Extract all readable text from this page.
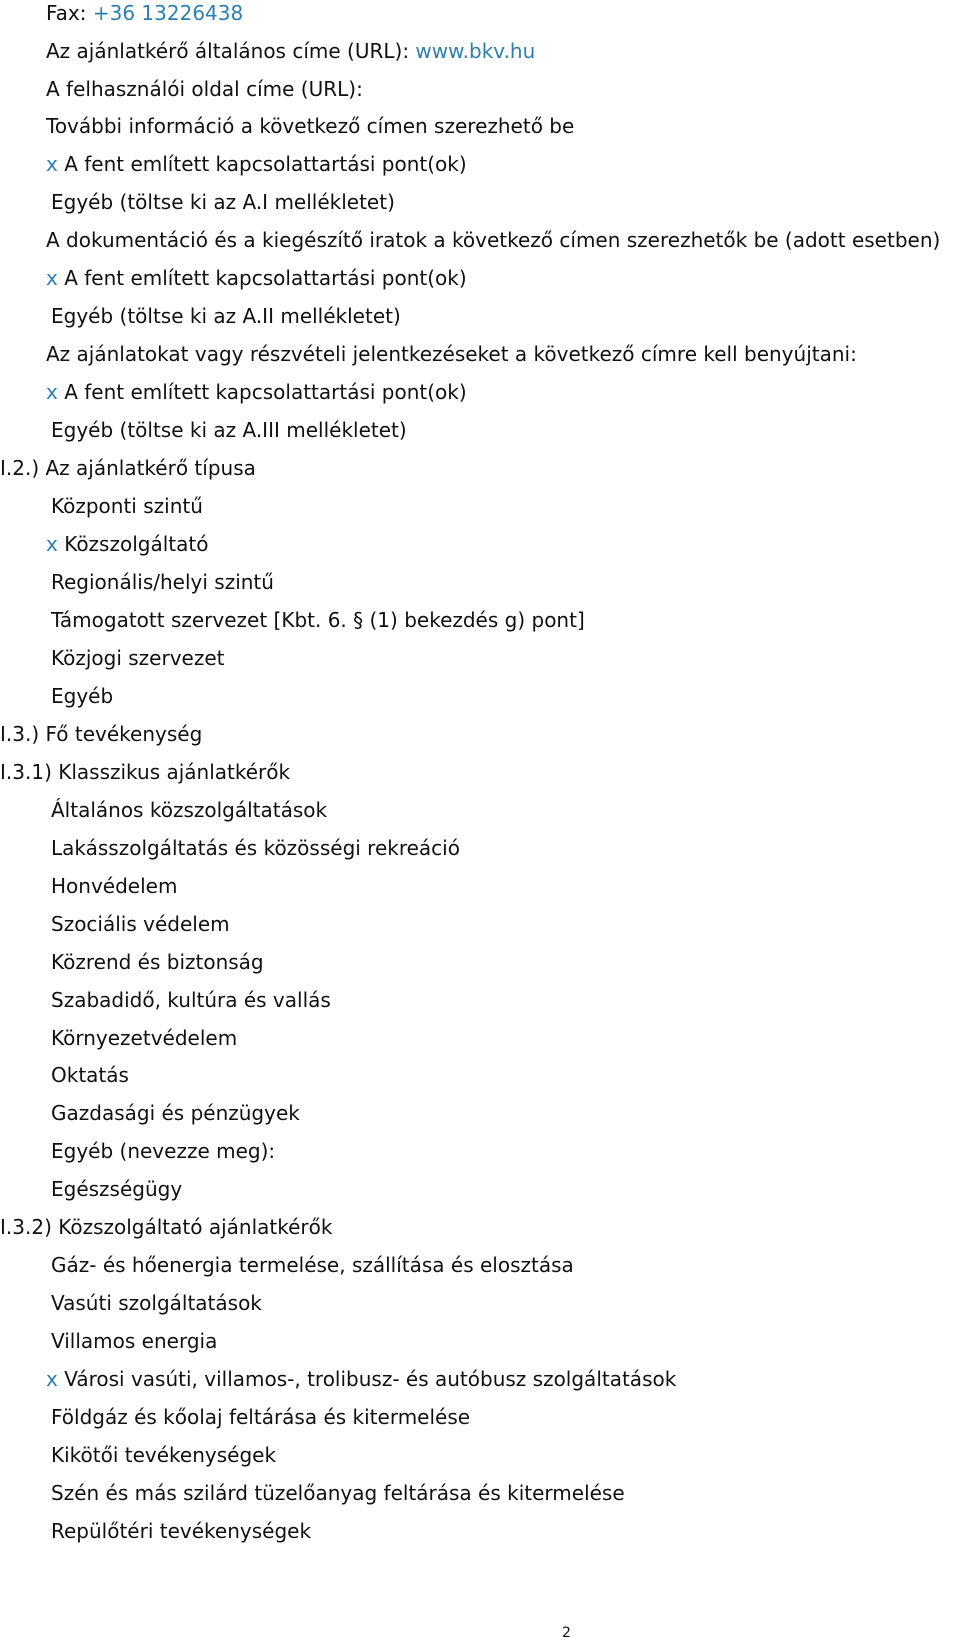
Fax: +36 13226438
Az ajánlatkérő általános címe (URL): www.bkv.hu
A felhasználói oldal címe (URL):
További információ a következő címen szerezhető be
x A fent említett kapcsolattartási pont(ok)
Egyéb (töltse ki az A.I mellékletet)
A dokumentáció és a kiegészítő iratok a következő címen szerezhetők be (adott esetben)
x A fent említett kapcsolattartási pont(ok)
Egyéb (töltse ki az A.II mellékletet)
Az ajánlatokat vagy részvételi jelentkezéseket a következő címre kell benyújtani:
x A fent említett kapcsolattartási pont(ok)
Egyéb (töltse ki az A.III mellékletet)
I.2.) Az ajánlatkérő típusa
Központi szintű
x Közszolgáltató
Regionális/helyi szintű
Támogatott szervezet [Kbt. 6. § (1) bekezdés g) pont]
Közjogi szervezet
Egyéb
I.3.) Fő tevékenység
I.3.1) Klasszikus ajánlatkérők
Általános közszolgáltatások
Lakásszolgáltatás és közösségi rekreáció
Honvédelem
Szociális védelem
Közrend és biztonság
Szabadidő, kultúra és vallás
Környezetvédelem
Oktatás
Gazdasági és pénzügyek
Egyéb (nevezze meg):
Egészségügy
I.3.2) Közszolgáltató ajánlatkérők
Gáz- és hőenergia termelése, szállítása és elosztása
Vasúti szolgáltatások
Villamos energia
x Városi vasúti, villamos-, trolibusz- és autóbusz szolgáltatások
Földgáz és kőolaj feltárása és kitermelése
Kikötői tevékenységek
Szén és más szilárd tüzelőanyag feltárása és kitermelése
Repülőtéri tevékenységek
2
